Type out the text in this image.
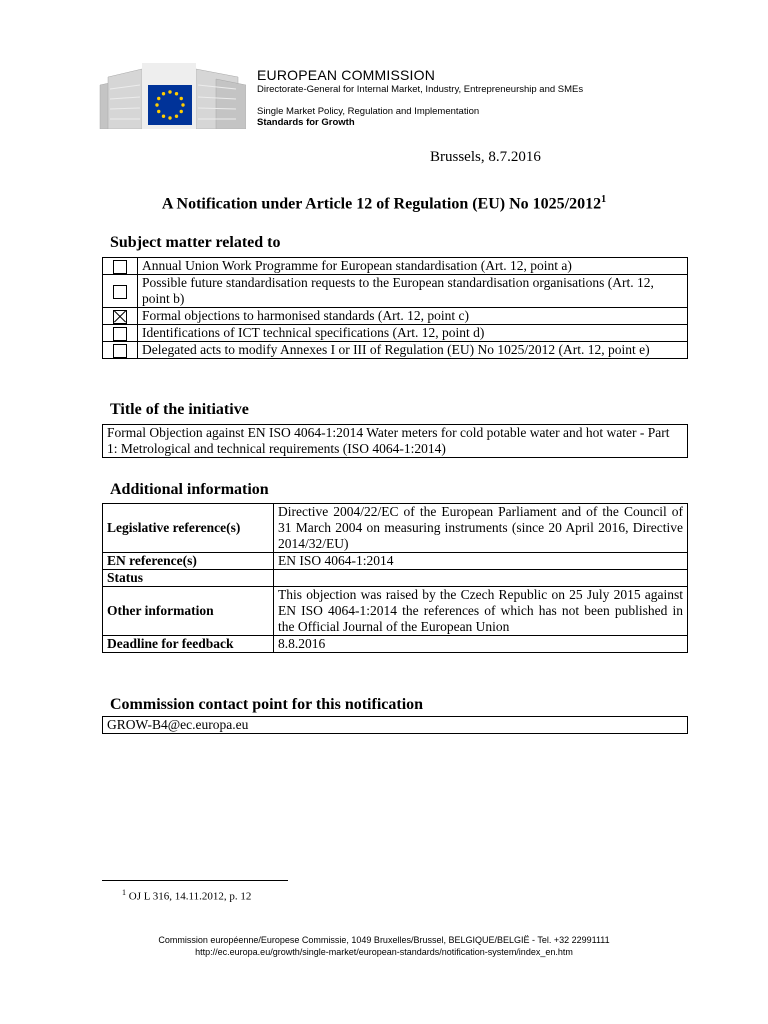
EUROPEAN COMMISSION
Directorate-General for Internal Market, Industry, Entrepreneurship and SMEs
Single Market Policy, Regulation and Implementation
Standards for Growth
Brussels, 8.7.2016
A Notification under Article 12 of Regulation (EU) No 1025/2012$^1$
Subject matter related to
	Annual Union Work Programme for European standardisation (Art. 12, point a)
	Possible future standardisation requests to the European standardisation organisations (Art. 12, point b)
	Formal objections to harmonised standards (Art. 12, point c)
	Identifications of ICT technical specifications (Art. 12, point d)
	Delegated acts to modify Annexes I or III of Regulation (EU) No 1025/2012 (Art. 12, point e)
Title of the initiative
Formal Objection against EN ISO 4064-1:2014 Water meters for cold potable water and hot water - Part 1: Metrological and technical requirements (ISO 4064-1:2014)
Additional information
Legislative reference(s)	Directive 2004/22/EC of the European Parliament and of the Council of 31 March 2004 on measuring instruments (since 20 April 2016, Directive 2014/32/EU)
EN reference(s)	EN ISO 4064-1:2014
Status	
Other information	This objection was raised by the Czech Republic on 25 July 2015 against EN ISO 4064-1:2014 the references of which has not been published in the Official Journal of the European Union
Deadline for feedback	8.8.2016
Commission contact point for this notification
GROW-B4@ec.europa.eu
$^1$ OJ L 316, 14.11.2012, p. 12
Commission européenne/Europese Commissie, 1049 Bruxelles/Brussel, BELGIQUE/BELGIË - Tel. +32 22991111
http://ec.europa.eu/growth/single-market/european-standards/notification-system/index_en.htm
